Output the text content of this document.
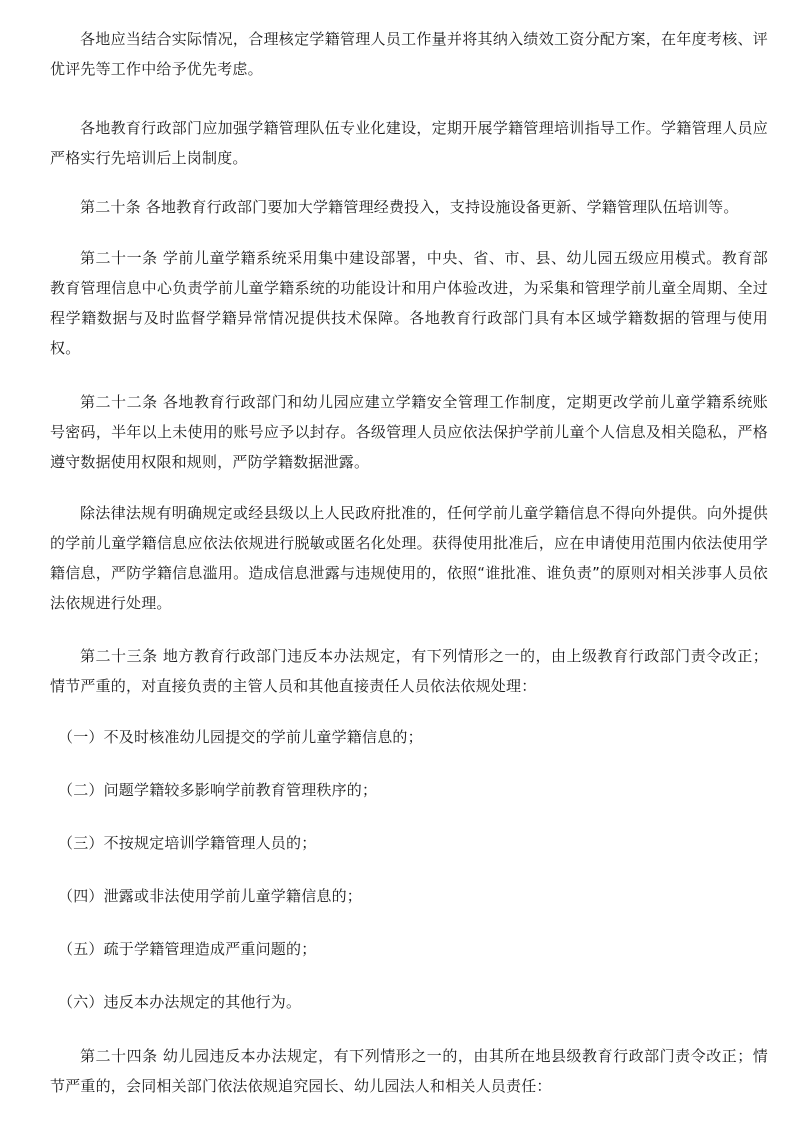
各地应当结合实际情况，合理核定学籍管理人员工作量并将其纳入绩效工资分配方案，在年度考核、评优评先等工作中给予优先考虑。

各地教育行政部门应加强学籍管理队伍专业化建设，定期开展学籍管理培训指导工作。学籍管理人员应严格实行先培训后上岗制度。

第二十条 各地教育行政部门要加大学籍管理经费投入，支持设施设备更新、学籍管理队伍培训等。

第二十一条 学前儿童学籍系统采用集中建设部署，中央、省、市、县、幼儿园五级应用模式。教育部教育管理信息中心负责学前儿童学籍系统的功能设计和用户体验改进，为采集和管理学前儿童全周期、全过程学籍数据与及时监督学籍异常情况提供技术保障。各地教育行政部门具有本区域学籍数据的管理与使用权。

第二十二条 各地教育行政部门和幼儿园应建立学籍安全管理工作制度，定期更改学前儿童学籍系统账号密码，半年以上未使用的账号应予以封存。各级管理人员应依法保护学前儿童个人信息及相关隐私，严格遵守数据使用权限和规则，严防学籍数据泄露。

除法律法规有明确规定或经县级以上人民政府批准的，任何学前儿童学籍信息不得向外提供。向外提供的学前儿童学籍信息应依法依规进行脱敏或匿名化处理。获得使用批准后，应在申请使用范围内依法使用学籍信息，严防学籍信息滥用。造成信息泄露与违规使用的，依照“谁批准、谁负责”的原则对相关涉事人员依法依规进行处理。

第二十三条 地方教育行政部门违反本办法规定，有下列情形之一的，由上级教育行政部门责令改正；情节严重的，对直接负责的主管人员和其他直接责任人员依法依规处理：

（一）不及时核准幼儿园提交的学前儿童学籍信息的；

（二）问题学籍较多影响学前教育管理秩序的；

（三）不按规定培训学籍管理人员的；

（四）泄露或非法使用学前儿童学籍信息的；

（五）疏于学籍管理造成严重问题的；

（六）违反本办法规定的其他行为。

第二十四条 幼儿园违反本办法规定，有下列情形之一的，由其所在地县级教育行政部门责令改正；情节严重的，会同相关部门依法依规追究园长、幼儿园法人和相关人员责任：
